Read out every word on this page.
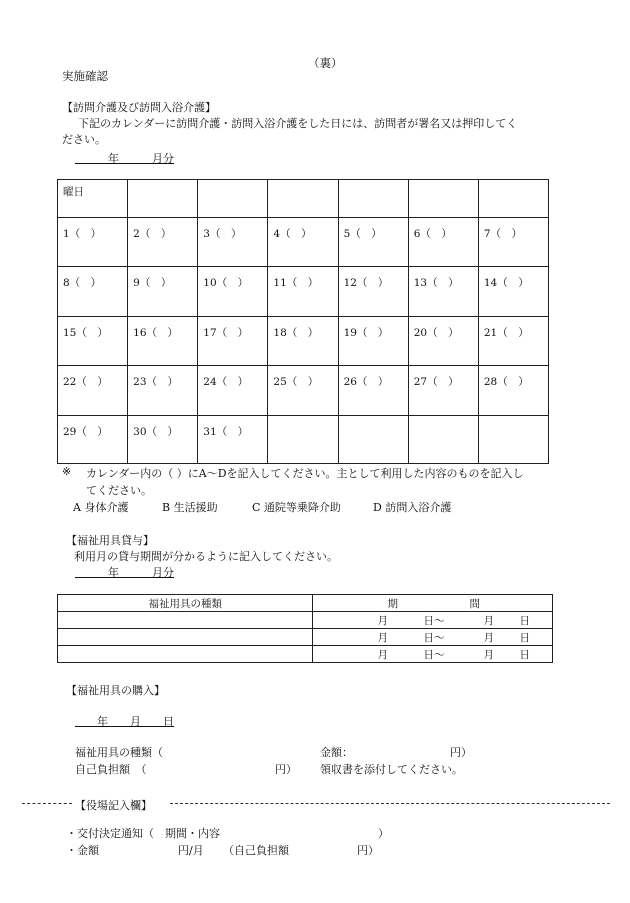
（裏）
実施確認
【訪問介護及び訪問入浴介護】
下記のカレンダーに訪問介護・訪問入浴介護をした日には、訪問者が署名又は押印してく
ださい。
　　　年　　　月分
曜日						

1（　）	2（　）	3（　）	4（　）	5（　）	6（　）	7（　）

8（　）	9（　）	10（　）	11（　）	12（　）	13（　）	14（　）

15（　）	16（　）	17（　）	18（　）	19（　）	20（　）	21（　）

22（　）	23（　）	24（　）	25（　）	26（　）	27（　）	28（　）

29（　）	30（　）	31（　）				

※ カレンダー内の（ ）にA〜Dを記入してください。主として利用した内容のものを記入し
てください。
A 身体介護	B 生活援助	C 通院等乗降介助	D 訪問入浴介護
【福祉用具貸与】
利用月の貸与期間が分かるように記入してください。
　　　年　　　月分
福祉用具の種類	期 間

	月 日〜 月 日

	月 日〜 月 日

	月 日〜 月 日
【福祉用具の購入】
　　年　　月　　日
福祉用具の種類（	金額：	円）
自己負担額　（	円） 領収書を添付してください。
【役場記入欄】
・交付決定通知（　期間・内容	）
・金額	円/月 （自己負担額	円）
